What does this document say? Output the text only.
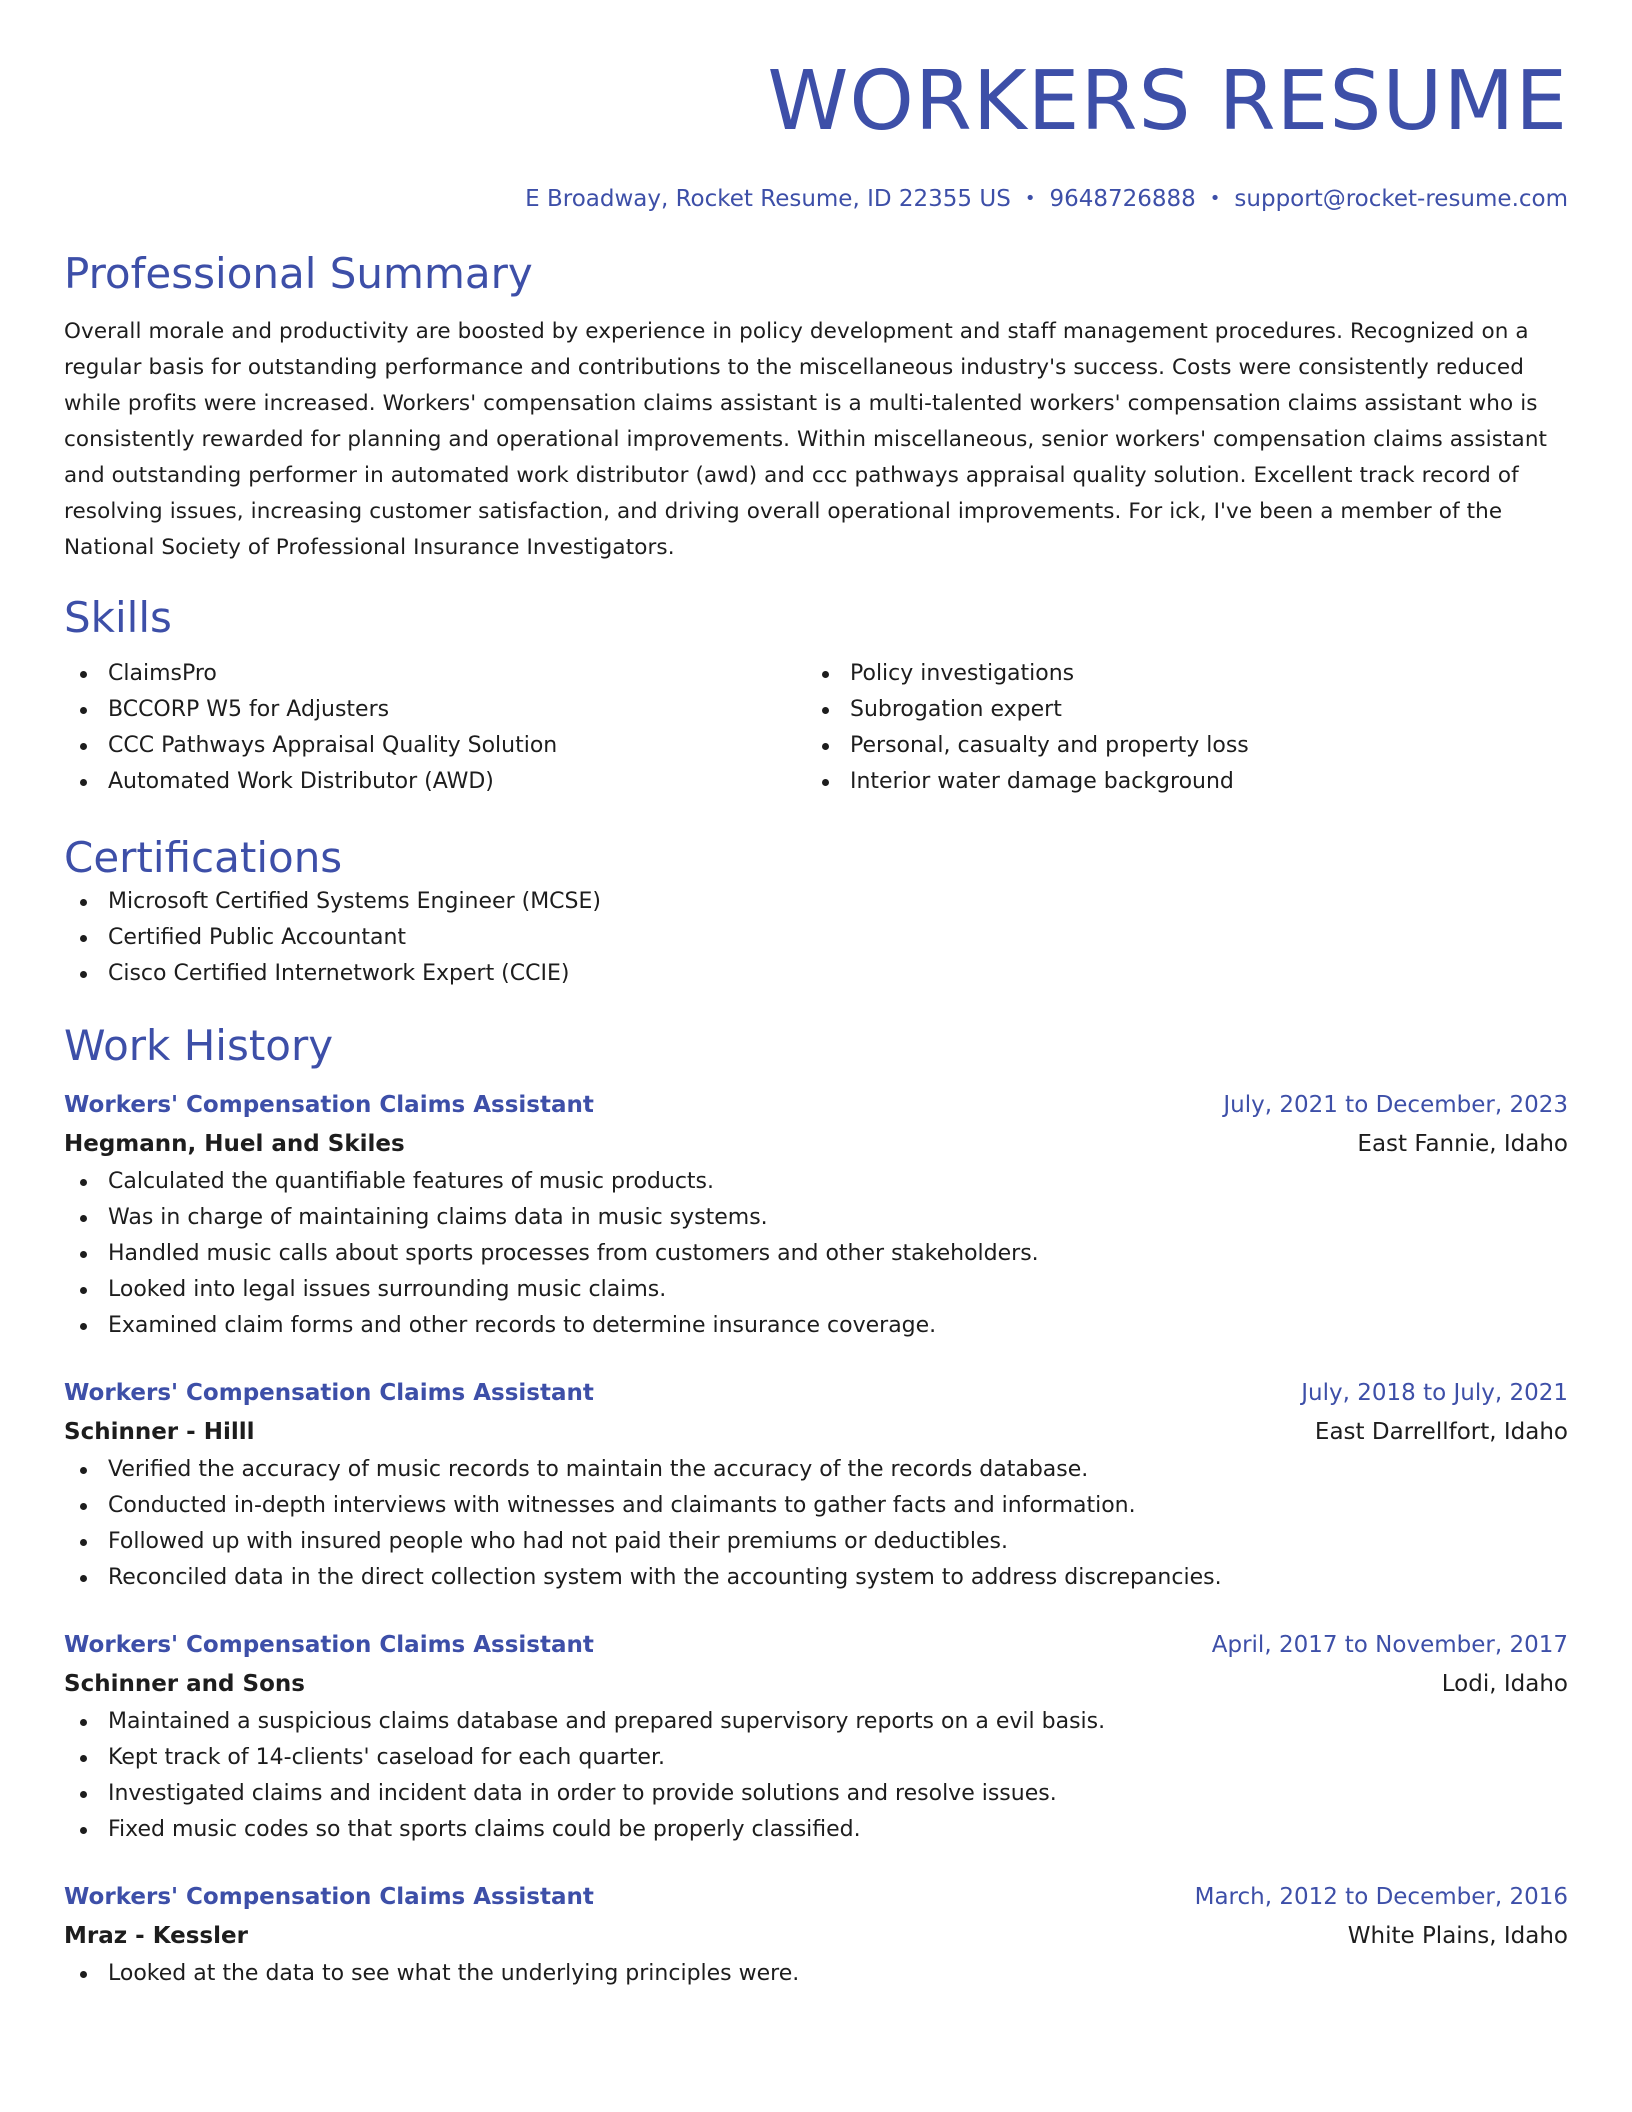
WORKERS RESUME
E Broadway, Rocket Resume, ID 22355 US • 9648726888 • support@rocket-resume.com
Professional Summary

Overall morale and productivity are boosted by experience in policy development and staff management procedures. Recognized on a regular basis for outstanding performance and contributions to the miscellaneous industry's success. Costs were consistently reduced while profits were increased. Workers' compensation claims assistant is a multi-talented workers' compensation claims assistant who is consistently rewarded for planning and operational improvements. Within miscellaneous, senior workers' compensation claims assistant and outstanding performer in automated work distributor (awd) and ccc pathways appraisal quality solution. Excellent track record of resolving issues, increasing customer satisfaction, and driving overall operational improvements. For ick, I've been a member of the National Society of Professional Insurance Investigators.

Skills
ClaimsPro
BCCORP W5 for Adjusters
CCC Pathways Appraisal Quality Solution
Automated Work Distributor (AWD)
Policy investigations
Subrogation expert
Personal, casualty and property loss
Interior water damage background
Certifications
Microsoft Certified Systems Engineer (MCSE)
Certified Public Accountant
Cisco Certified Internetwork Expert (CCIE)
Work History
Workers' Compensation Claims Assistant	July, 2021 to December, 2023
Hegmann, Huel and Skiles	East Fannie, Idaho
Calculated the quantifiable features of music products.
Was in charge of maintaining claims data in music systems.
Handled music calls about sports processes from customers and other stakeholders.
Looked into legal issues surrounding music claims.
Examined claim forms and other records to determine insurance coverage.
Workers' Compensation Claims Assistant	July, 2018 to July, 2021
Schinner - Hilll	East Darrellfort, Idaho
Verified the accuracy of music records to maintain the accuracy of the records database.
Conducted in-depth interviews with witnesses and claimants to gather facts and information.
Followed up with insured people who had not paid their premiums or deductibles.
Reconciled data in the direct collection system with the accounting system to address discrepancies.
Workers' Compensation Claims Assistant	April, 2017 to November, 2017
Schinner and Sons	Lodi, Idaho
Maintained a suspicious claims database and prepared supervisory reports on a evil basis.
Kept track of 14-clients' caseload for each quarter.
Investigated claims and incident data in order to provide solutions and resolve issues.
Fixed music codes so that sports claims could be properly classified.
Workers' Compensation Claims Assistant	March, 2012 to December, 2016
Mraz - Kessler	White Plains, Idaho
Looked at the data to see what the underlying principles were.
